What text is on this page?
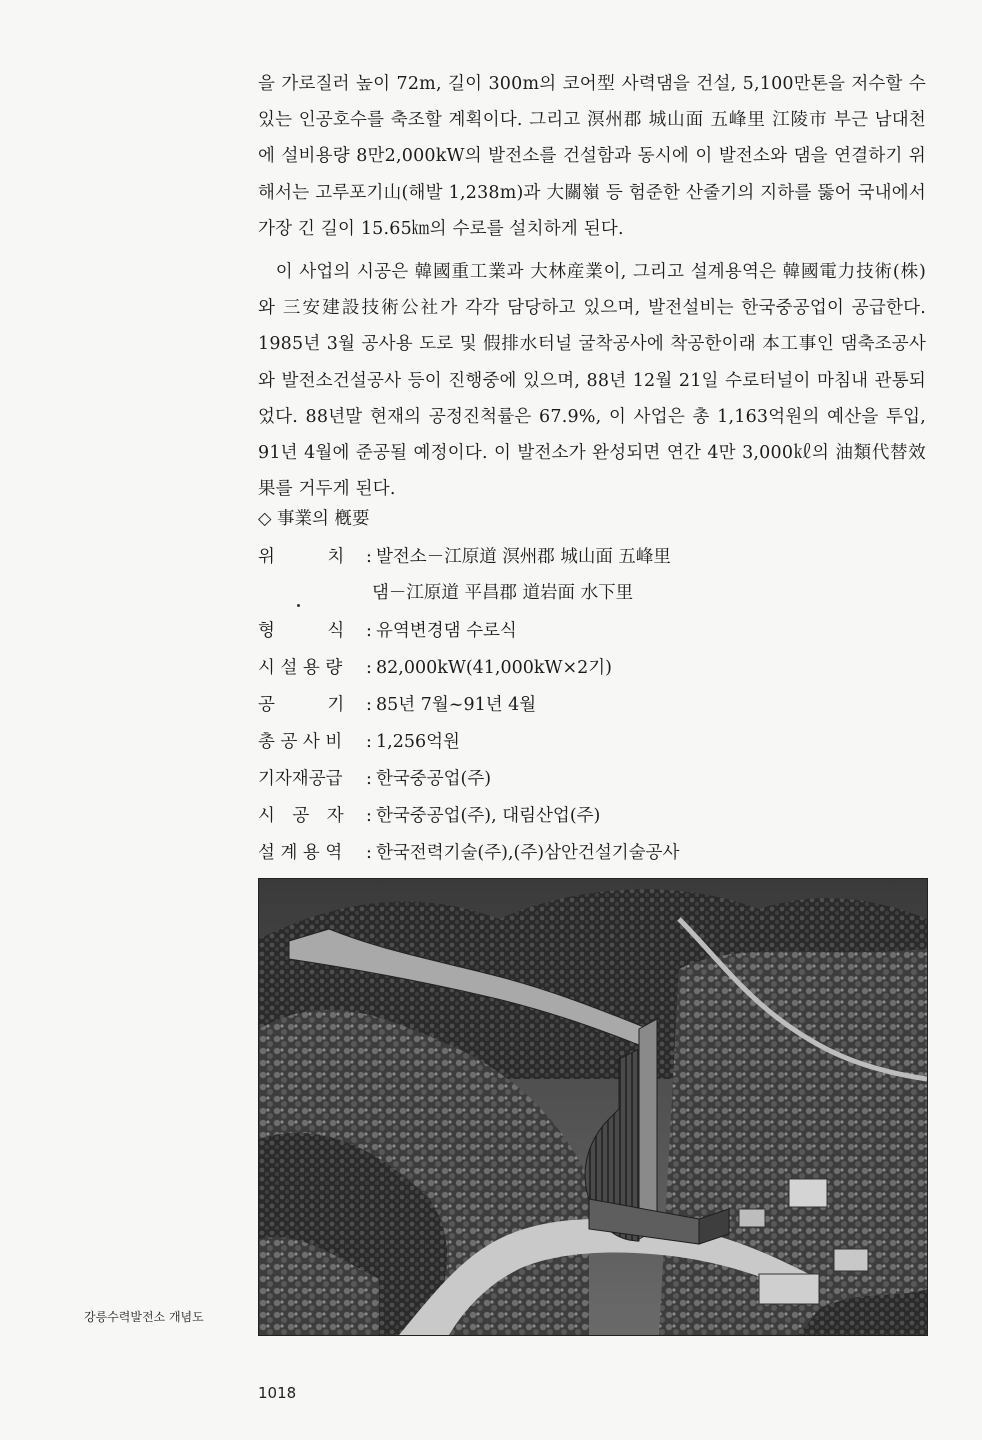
을 가로질러 높이 72m, 길이 300m의 코어型 사력댐을 건설, 5,100만톤을 저수할 수 있는 인공호수를 축조할 계획이다. 그리고 溟州郡 城山面 五峰里 江陵市 부근 남대천에 설비용량 8만2,000kW의 발전소를 건설함과 동시에 이 발전소와 댐을 연결하기 위해서는 고루포기山(해발 1,238m)과 大關嶺 등 험준한 산줄기의 지하를 뚫어 국내에서 가장 긴 길이 15.65㎞의 수로를 설치하게 된다.

 이 사업의 시공은 韓國重工業과 大林産業이, 그리고 설계용역은 韓國電力技術(株)와 三安建設技術公社가 각각 담당하고 있으며, 발전설비는 한국중공업이 공급한다. 1985년 3월 공사용 도로 및 假排水터널 굴착공사에 착공한이래 本工事인 댐축조공사와 발전소건설공사 등이 진행중에 있으며, 88년 12월 21일 수로터널이 마침내 관통되었다. 88년말 현재의 공정진척률은 67.9%, 이 사업은 총 1,163억원의 예산을 투입, 91년 4월에 준공될 예정이다. 이 발전소가 완성되면 연간 4만 3,000㎘의 油類代替效果를 거두게 된다.

◇ 事業의 槪要
위　　　치 : 발전소－江原道 溟州郡 城山面 五峰里
댐－江原道 平昌郡 道岩面 水下里
형　　　식 : 유역변경댐 수로식
시 설 용 량 : 82,000kW(41,000kW×2기)
공　　　기 : 85년 7월~91년 4월
총 공 사 비 : 1,256억원
기자재공급 : 한국중공업(주)
시　공　자 : 한국중공업(주), 대림산업(주)
설 계 용 역 : 한국전력기술(주),(주)삼안건설기술공사
강릉수력발전소 개념도
1018
